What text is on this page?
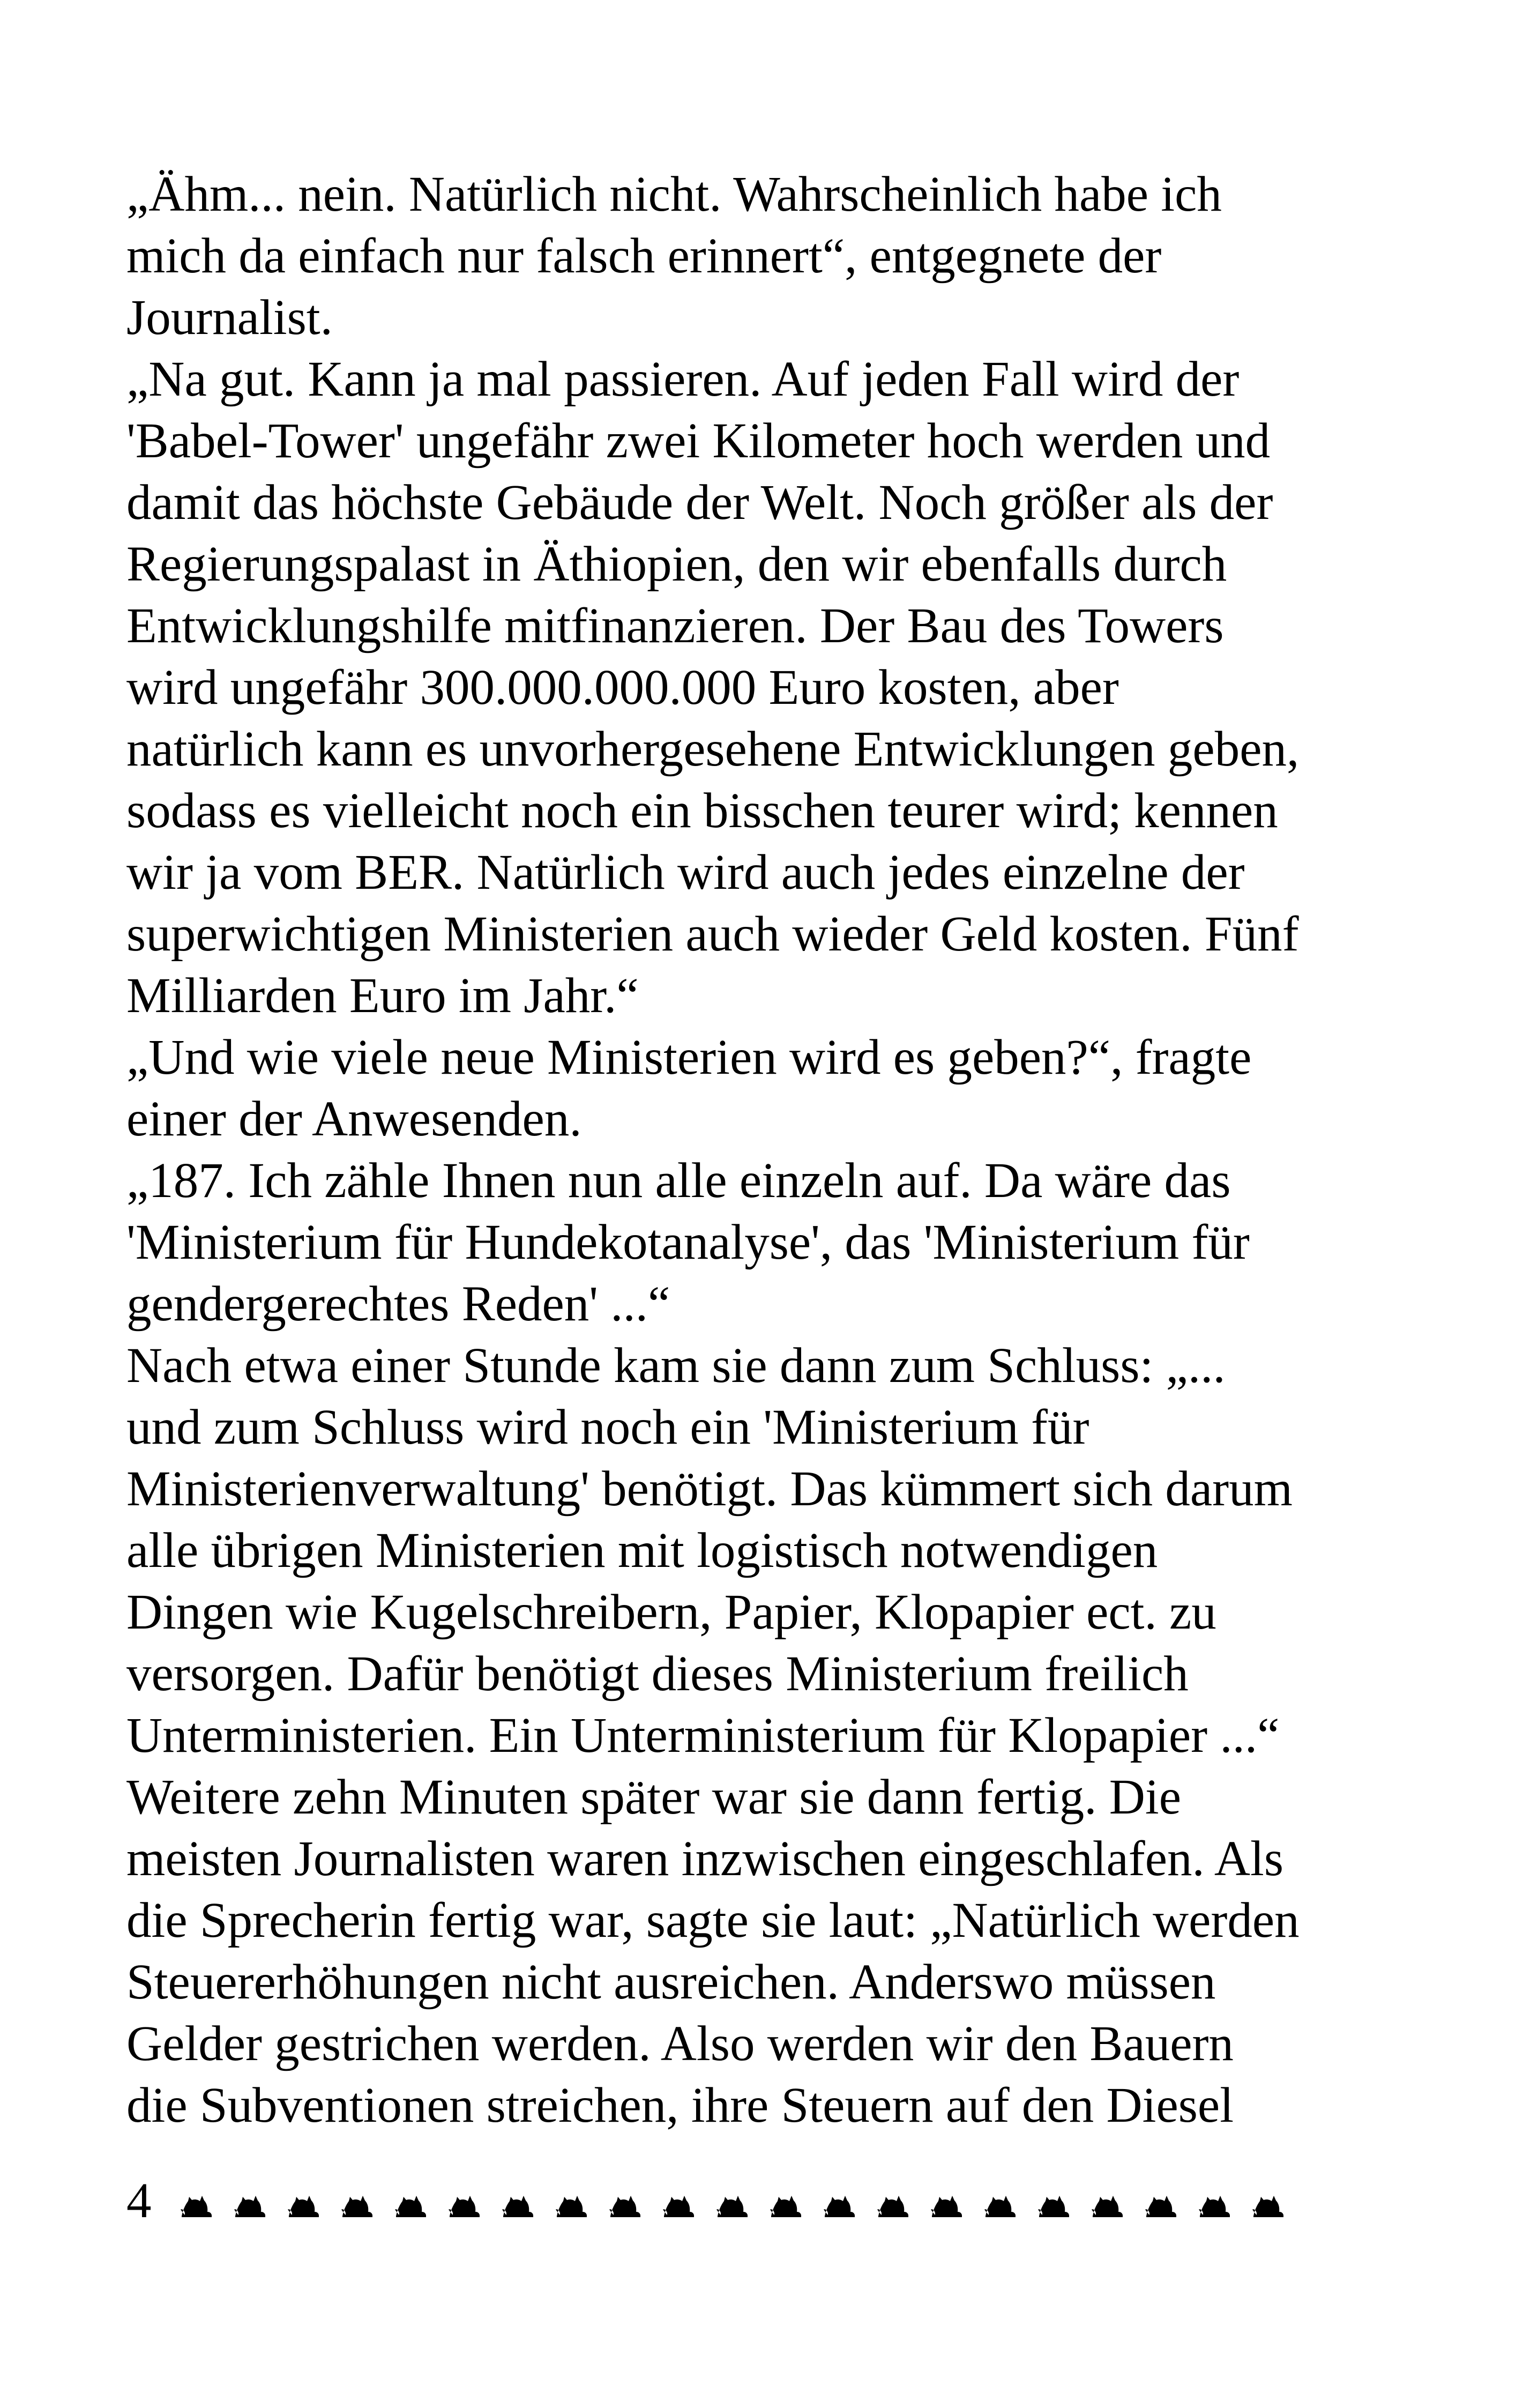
„Ähm... nein. Natürlich nicht. Wahrscheinlich habe ich
mich da einfach nur falsch erinnert“, entgegnete der
Journalist.
„Na gut. Kann ja mal passieren. Auf jeden Fall wird der
'Babel-Tower' ungefähr zwei Kilometer hoch werden und
damit das höchste Gebäude der Welt. Noch größer als der
Regierungspalast in Äthiopien, den wir ebenfalls durch
Entwicklungshilfe mitfinanzieren. Der Bau des Towers
wird ungefähr 300.000.000.000 Euro kosten, aber
natürlich kann es unvorhergesehene Entwicklungen geben,
sodass es vielleicht noch ein bisschen teurer wird; kennen
wir ja vom BER. Natürlich wird auch jedes einzelne der
superwichtigen Ministerien auch wieder Geld kosten. Fünf
Milliarden Euro im Jahr.“
„Und wie viele neue Ministerien wird es geben?“, fragte
einer der Anwesenden.
„187. Ich zähle Ihnen nun alle einzeln auf. Da wäre das
'Ministerium für Hundekotanalyse', das 'Ministerium für
gendergerechtes Reden' ...“
Nach etwa einer Stunde kam sie dann zum Schluss: „...
und zum Schluss wird noch ein 'Ministerium für
Ministerienverwaltung' benötigt. Das kümmert sich darum
alle übrigen Ministerien mit logistisch notwendigen
Dingen wie Kugelschreibern, Papier, Klopapier ect. zu
versorgen. Dafür benötigt dieses Ministerium freilich
Unterministerien. Ein Unterministerium für Klopapier ...“
Weitere zehn Minuten später war sie dann fertig. Die
meisten Journalisten waren inzwischen eingeschlafen. Als
die Sprecherin fertig war, sagte sie laut: „Natürlich werden
Steuererhöhungen nicht ausreichen. Anderswo müssen
Gelder gestrichen werden. Also werden wir den Bauern
die Subventionen streichen, ihre Steuern auf den Diesel
4
